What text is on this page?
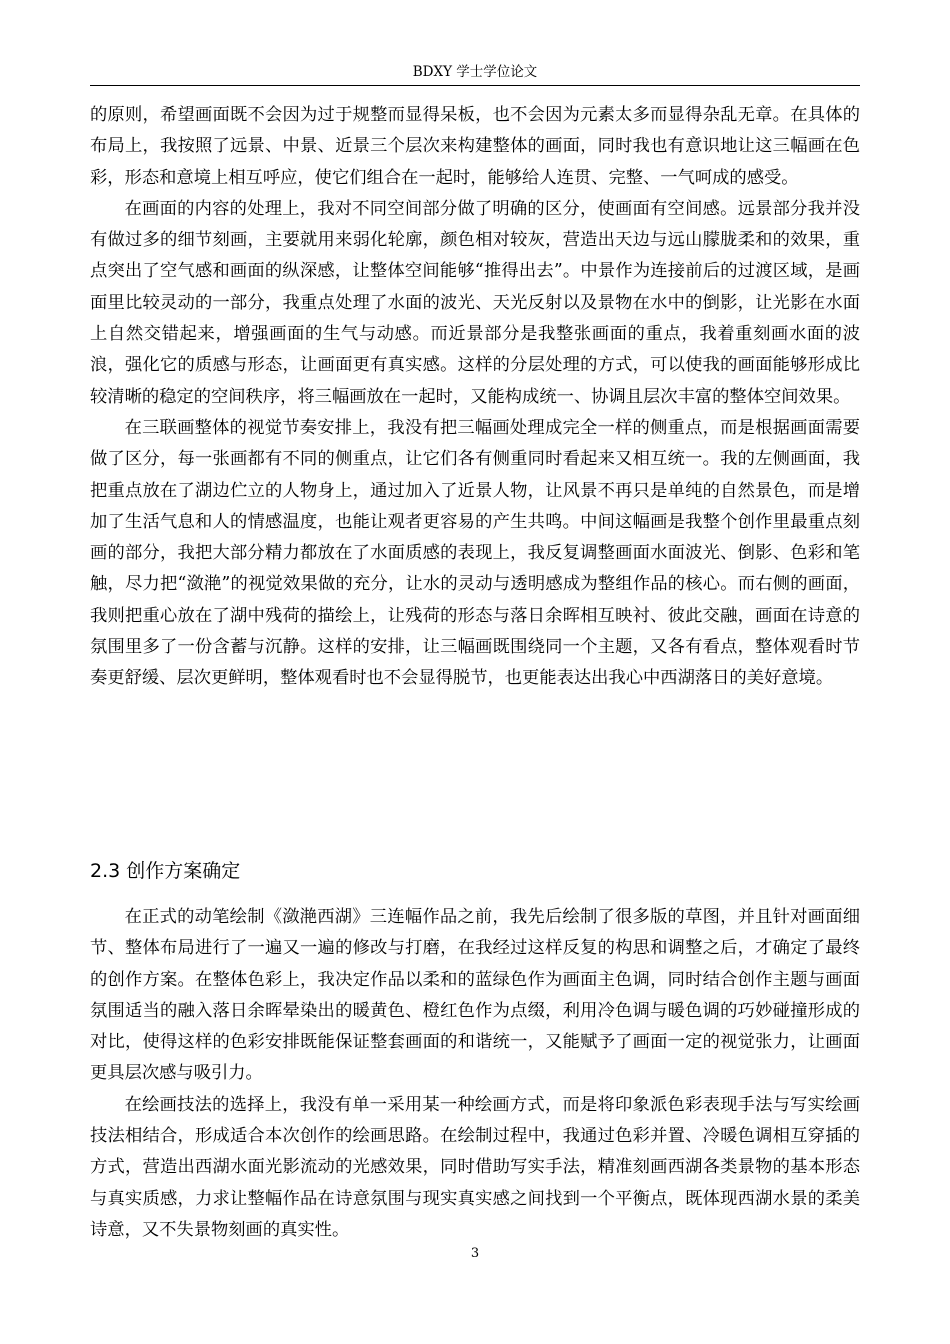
BDXY 学士学位论文

的原则，希望画面既不会因为过于规整而显得呆板，也不会因为元素太多而显得杂乱无章。在具体的布局上，我按照了远景、中景、近景三个层次来构建整体的画面，同时我也有意识地让这三幅画在色彩，形态和意境上相互呼应，使它们组合在一起时，能够给人连贯、完整、一气呵成的感受。

在画面的内容的处理上，我对不同空间部分做了明确的区分，使画面有空间感。远景部分我并没有做过多的细节刻画，主要就用来弱化轮廓，颜色相对较灰，营造出天边与远山朦胧柔和的效果，重点突出了空气感和画面的纵深感，让整体空间能够“推得出去”。中景作为连接前后的过渡区域，是画面里比较灵动的一部分，我重点处理了水面的波光、天光反射以及景物在水中的倒影，让光影在水面上自然交错起来，增强画面的生气与动感。而近景部分是我整张画面的重点，我着重刻画水面的波浪，强化它的质感与形态，让画面更有真实感。这样的分层处理的方式，可以使我的画面能够形成比较清晰的稳定的空间秩序，将三幅画放在一起时，又能构成统一、协调且层次丰富的整体空间效果。

在三联画整体的视觉节奏安排上，我没有把三幅画处理成完全一样的侧重点，而是根据画面需要做了区分，每一张画都有不同的侧重点，让它们各有侧重同时看起来又相互统一。我的左侧画面，我把重点放在了湖边伫立的人物身上，通过加入了近景人物，让风景不再只是单纯的自然景色，而是增加了生活气息和人的情感温度，也能让观者更容易的产生共鸣。中间这幅画是我整个创作里最重点刻画的部分，我把大部分精力都放在了水面质感的表现上，我反复调整画面水面波光、倒影、色彩和笔触，尽力把“潋滟”的视觉效果做的充分，让水的灵动与透明感成为整组作品的核心。而右侧的画面，我则把重心放在了湖中残荷的描绘上，让残荷的形态与落日余晖相互映衬、彼此交融，画面在诗意的氛围里多了一份含蓄与沉静。这样的安排，让三幅画既围绕同一个主题，又各有看点，整体观看时节奏更舒缓、层次更鲜明，整体观看时也不会显得脱节，也更能表达出我心中西湖落日的美好意境。

2.3 创作方案确定

在正式的动笔绘制《潋滟西湖》三连幅作品之前，我先后绘制了很多版的草图，并且针对画面细节、整体布局进行了一遍又一遍的修改与打磨，在我经过这样反复的构思和调整之后，才确定了最终的创作方案。在整体色彩上，我决定作品以柔和的蓝绿色作为画面主色调，同时结合创作主题与画面氛围适当的融入落日余晖晕染出的暖黄色、橙红色作为点缀，利用冷色调与暖色调的巧妙碰撞形成的对比，使得这样的色彩安排既能保证整套画面的和谐统一，又能赋予了画面一定的视觉张力，让画面更具层次感与吸引力。

在绘画技法的选择上，我没有单一采用某一种绘画方式，而是将印象派色彩表现手法与写实绘画技法相结合，形成适合本次创作的绘画思路。在绘制过程中，我通过色彩并置、冷暖色调相互穿插的方式，营造出西湖水面光影流动的光感效果，同时借助写实手法，精准刻画西湖各类景物的基本形态与真实质感，力求让整幅作品在诗意氛围与现实真实感之间找到一个平衡点，既体现西湖水景的柔美诗意，又不失景物刻画的真实性。

3
